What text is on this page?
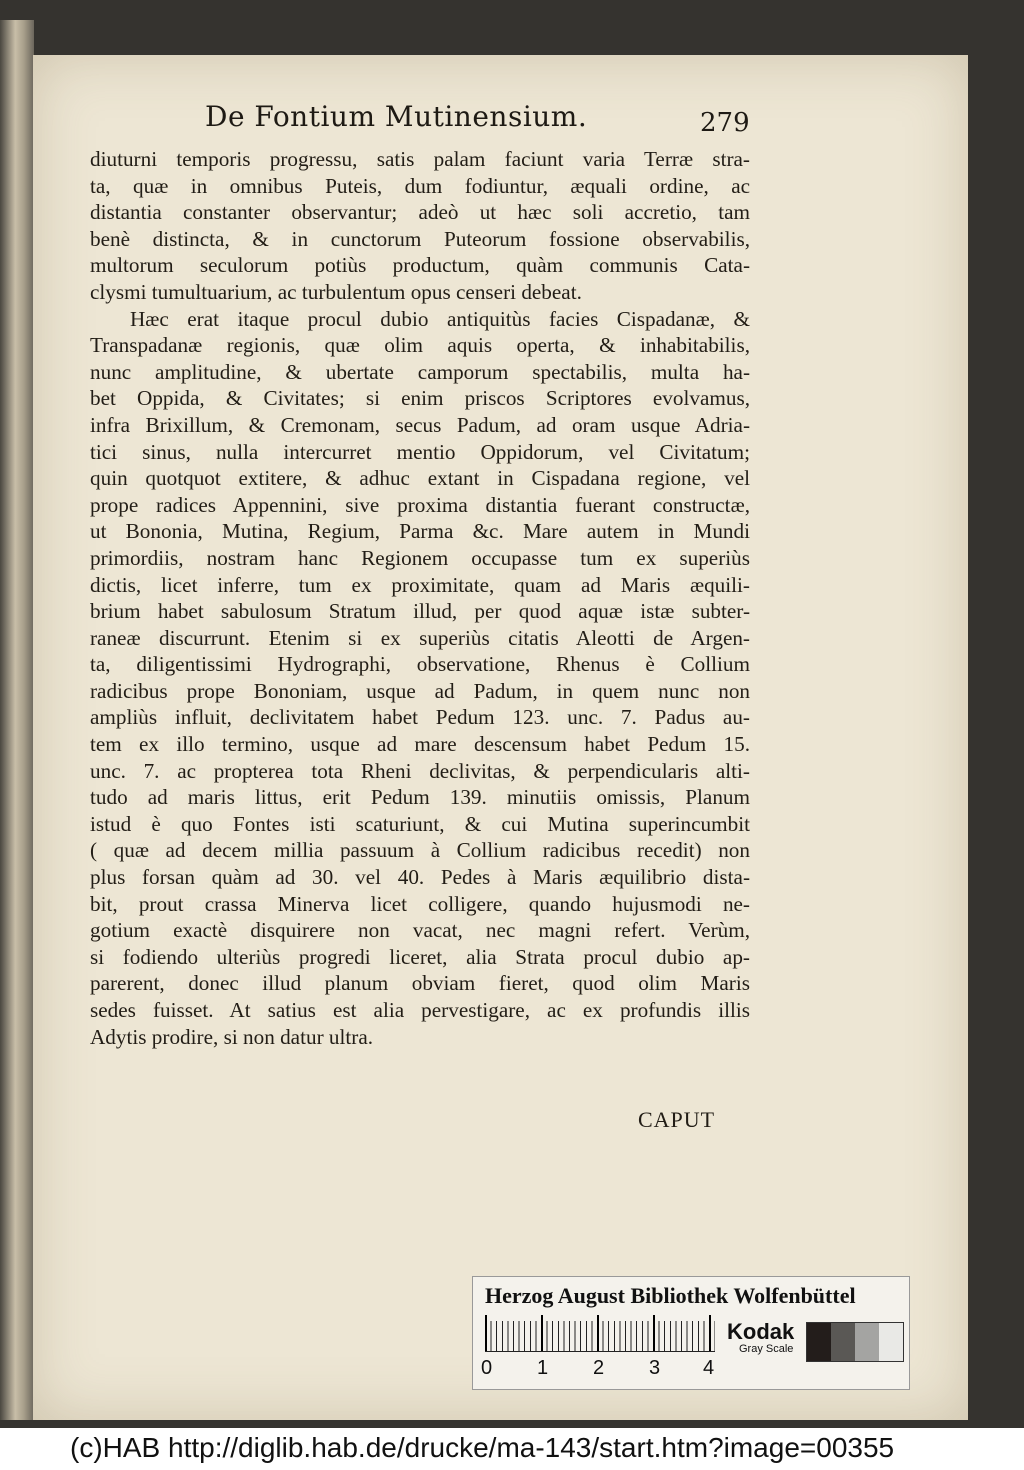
De Fontium Mutinensium.	279
diuturni temporis progressu, satis palam faciunt varia Terræ stra-
ta, quæ in omnibus Puteis, dum fodiuntur, æquali ordine, ac
distantia constanter observantur; adeò ut hæc soli accretio, tam
benè distincta, & in cunctorum Puteorum fossione observabilis,
multorum seculorum potiùs productum, quàm communis Cata-
clysmi tumultuarium, ac turbulentum opus censeri debeat.
Hæc erat itaque procul dubio antiquitùs facies Cispadanæ, &
Transpadanæ regionis, quæ olim aquis operta, & inhabitabilis,
nunc amplitudine, & ubertate camporum spectabilis, multa ha-
bet Oppida, & Civitates; si enim priscos Scriptores evolvamus,
infra Brixillum, & Cremonam, secus Padum, ad oram usque Adria-
tici sinus, nulla intercurret mentio Oppidorum, vel Civitatum;
quin quotquot extitere, & adhuc extant in Cispadana regione, vel
prope radices Appennini, sive proxima distantia fuerant constructæ,
ut Bononia, Mutina, Regium, Parma &c. Mare autem in Mundi
primordiis, nostram hanc Regionem occupasse tum ex superiùs
dictis, licet inferre, tum ex proximitate, quam ad Maris æquili-
brium habet sabulosum Stratum illud, per quod aquæ istæ subter-
raneæ discurrunt. Etenim si ex superiùs citatis Aleotti de Argen-
ta, diligentissimi Hydrographi, observatione, Rhenus è Collium
radicibus prope Bononiam, usque ad Padum, in quem nunc non
ampliùs influit, declivitatem habet Pedum 123. unc. 7. Padus au-
tem ex illo termino, usque ad mare descensum habet Pedum 15.
unc. 7. ac propterea tota Rheni declivitas, & perpendicularis alti-
tudo ad maris littus, erit Pedum 139. minutiis omissis, Planum
istud è quo Fontes isti scaturiunt, & cui Mutina superincumbit
( quæ ad decem millia passuum à Collium radicibus recedit) non
plus forsan quàm ad 30. vel 40. Pedes à Maris æquilibrio dista-
bit, prout crassa Minerva licet colligere, quando hujusmodi ne-
gotium exactè disquirere non vacat, nec magni refert. Verùm,
si fodiendo ulteriùs progredi liceret, alia Strata procul dubio ap-
parerent, donec illud planum obviam fieret, quod olim Maris
sedes fuisset. At satius est alia pervestigare, ac ex profundis illis
Adytis prodire, si non datur ultra.
CAPUT
Herzog August Bibliothek Wolfenbüttel
0 1 2 3 4
Kodak
Gray Scale
(c)HAB http://diglib.hab.de/drucke/ma-143/start.htm?image=00355
